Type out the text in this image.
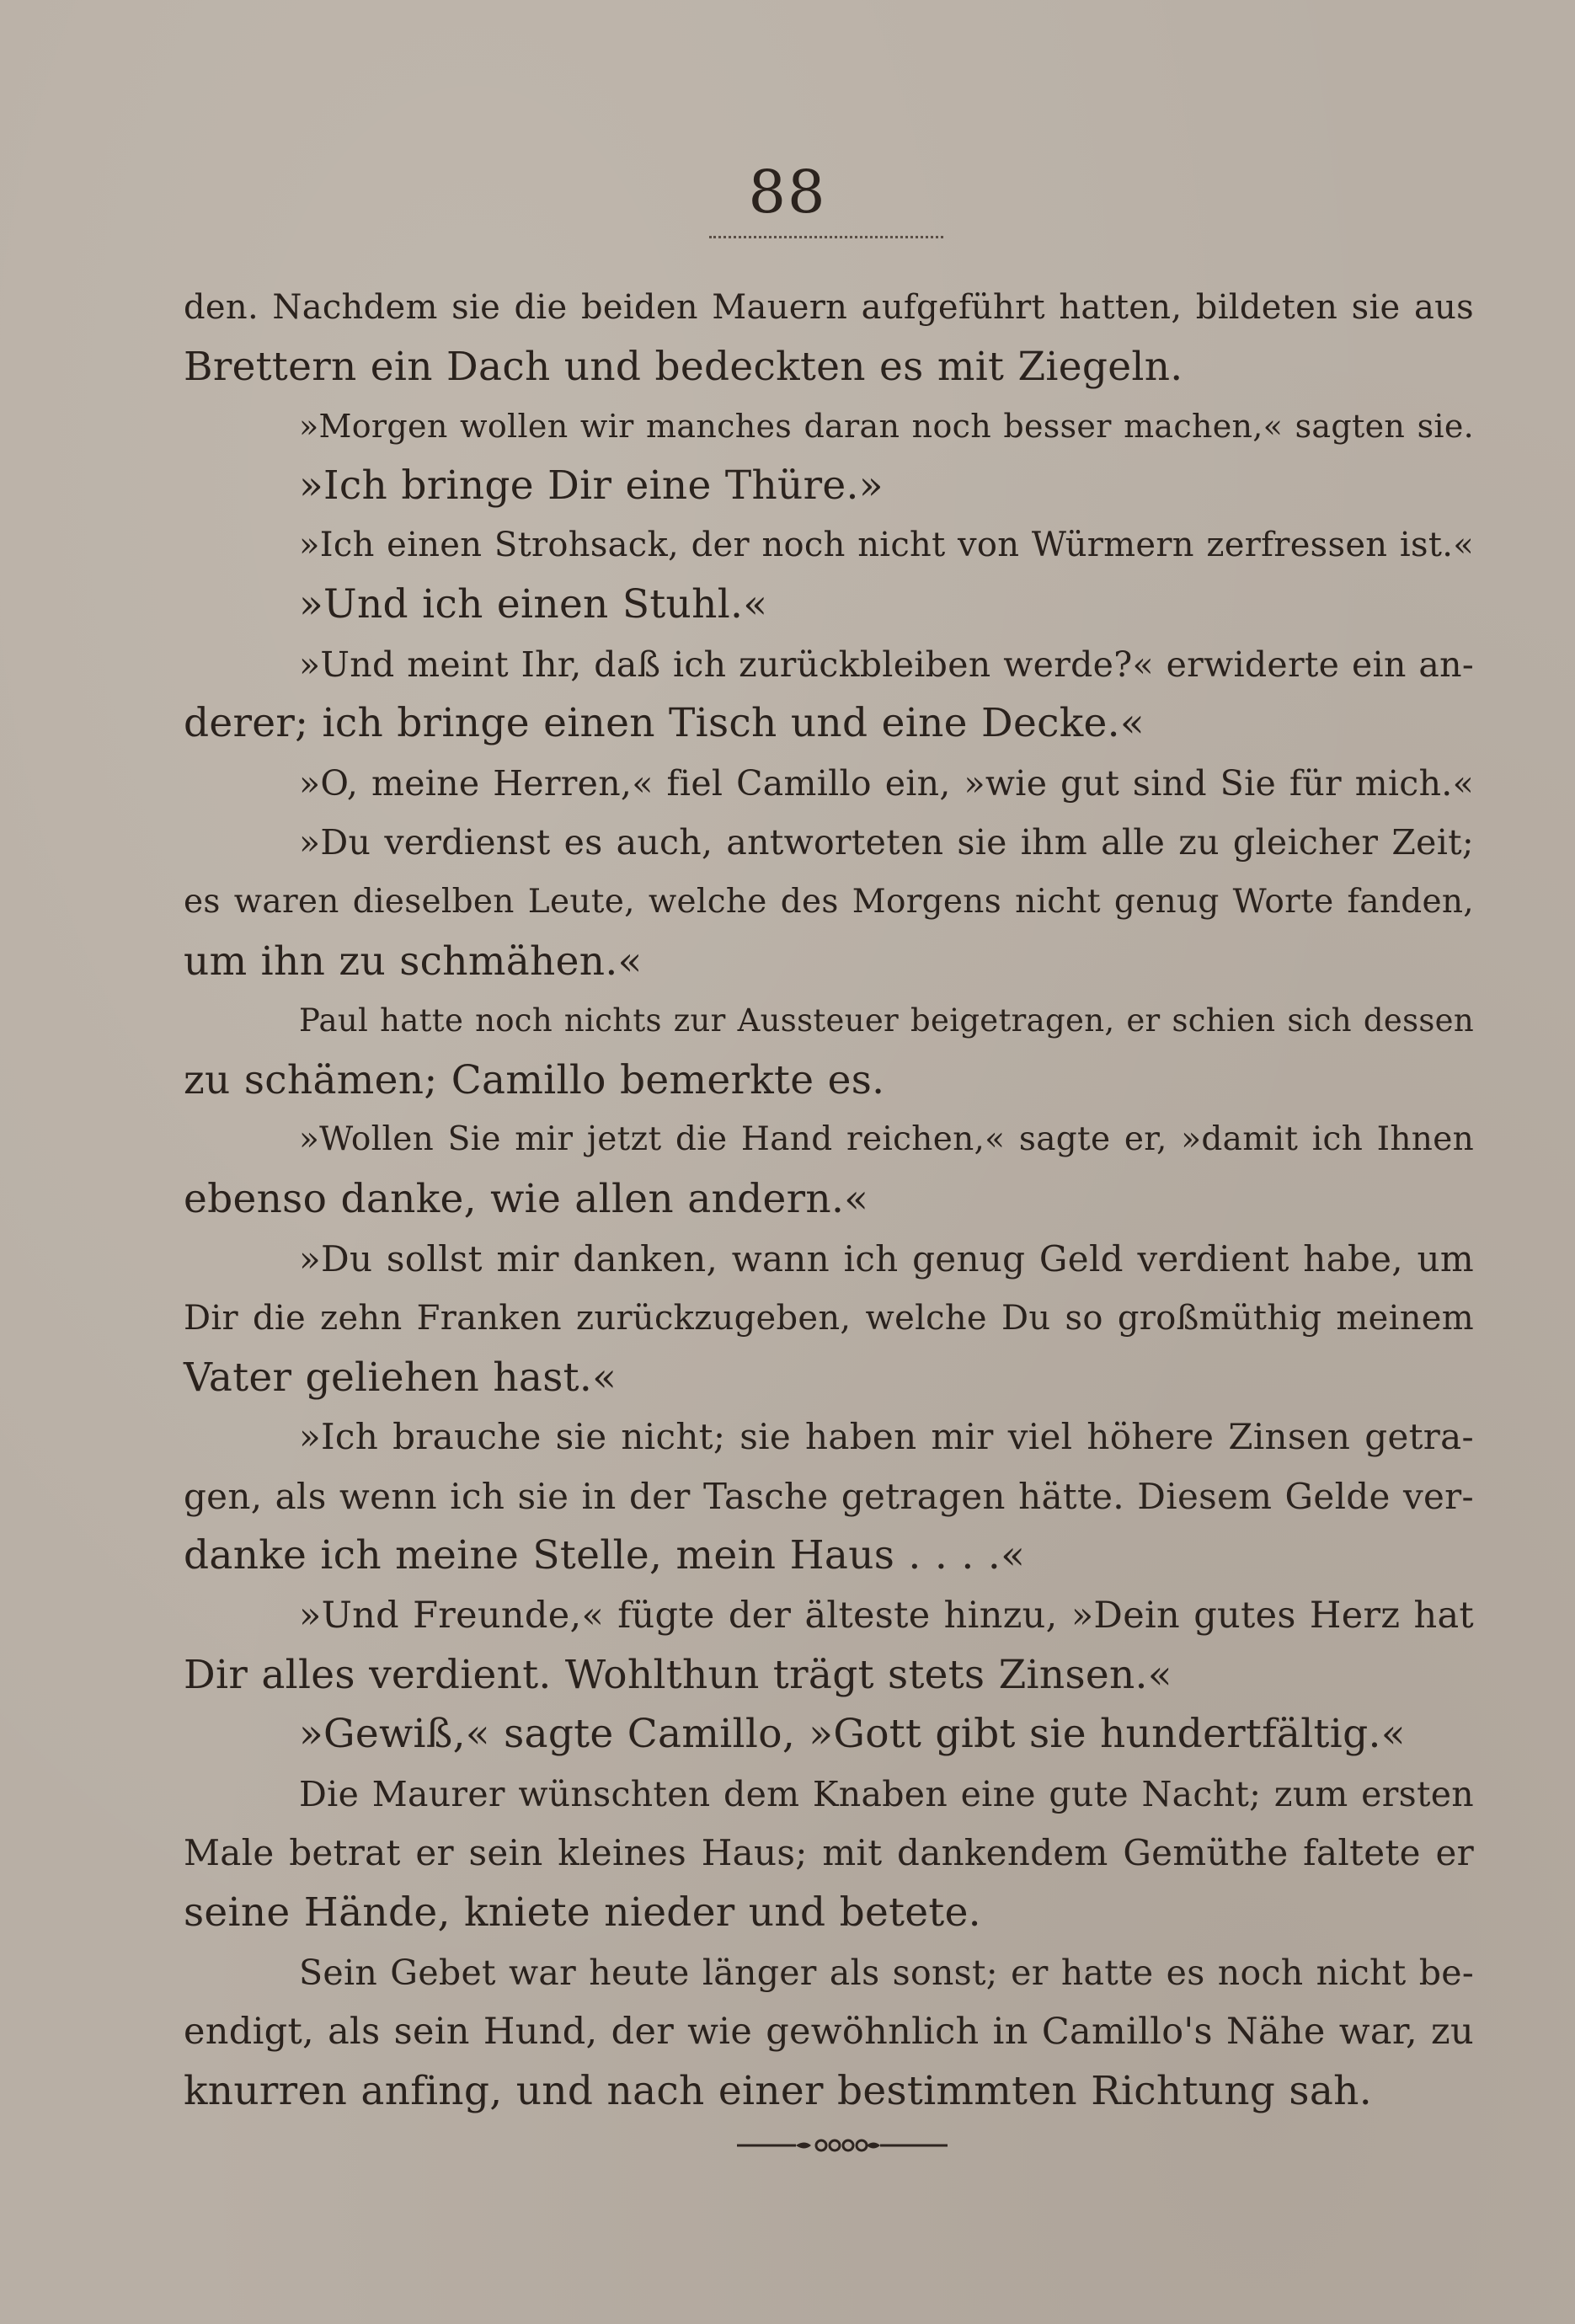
88
den. Nachdem sie die beiden Mauern aufgeführt hatten, bildeten sie aus
Brettern ein Dach und bedeckten es mit Ziegeln.
»Morgen wollen wir manches daran noch besser machen,« sagten sie.
»Ich bringe Dir eine Thüre.»
»Ich einen Strohsack, der noch nicht von Würmern zerfressen ist.«
»Und ich einen Stuhl.«
»Und meint Ihr, daß ich zurückbleiben werde?« erwiderte ein an-
derer; ich bringe einen Tisch und eine Decke.«
»O, meine Herren,« fiel Camillo ein, »wie gut sind Sie für mich.«
»Du verdienst es auch, antworteten sie ihm alle zu gleicher Zeit;
es waren dieselben Leute, welche des Morgens nicht genug Worte fanden,
um ihn zu schmähen.«
Paul hatte noch nichts zur Aussteuer beigetragen, er schien sich dessen
zu schämen; Camillo bemerkte es.
»Wollen Sie mir jetzt die Hand reichen,« sagte er, »damit ich Ihnen
ebenso danke, wie allen andern.«
»Du sollst mir danken, wann ich genug Geld verdient habe, um
Dir die zehn Franken zurückzugeben, welche Du so großmüthig meinem
Vater geliehen hast.«
»Ich brauche sie nicht; sie haben mir viel höhere Zinsen getra-
gen, als wenn ich sie in der Tasche getragen hätte. Diesem Gelde ver-
danke ich meine Stelle, mein Haus . . . .«
»Und Freunde,« fügte der älteste hinzu, »Dein gutes Herz hat
Dir alles verdient. Wohlthun trägt stets Zinsen.«
»Gewiß,« sagte Camillo, »Gott gibt sie hundertfältig.«
Die Maurer wünschten dem Knaben eine gute Nacht; zum ersten
Male betrat er sein kleines Haus; mit dankendem Gemüthe faltete er
seine Hände, kniete nieder und betete.
Sein Gebet war heute länger als sonst; er hatte es noch nicht be-
endigt, als sein Hund, der wie gewöhnlich in Camillo's Nähe war, zu
knurren anfing, und nach einer bestimmten Richtung sah.
